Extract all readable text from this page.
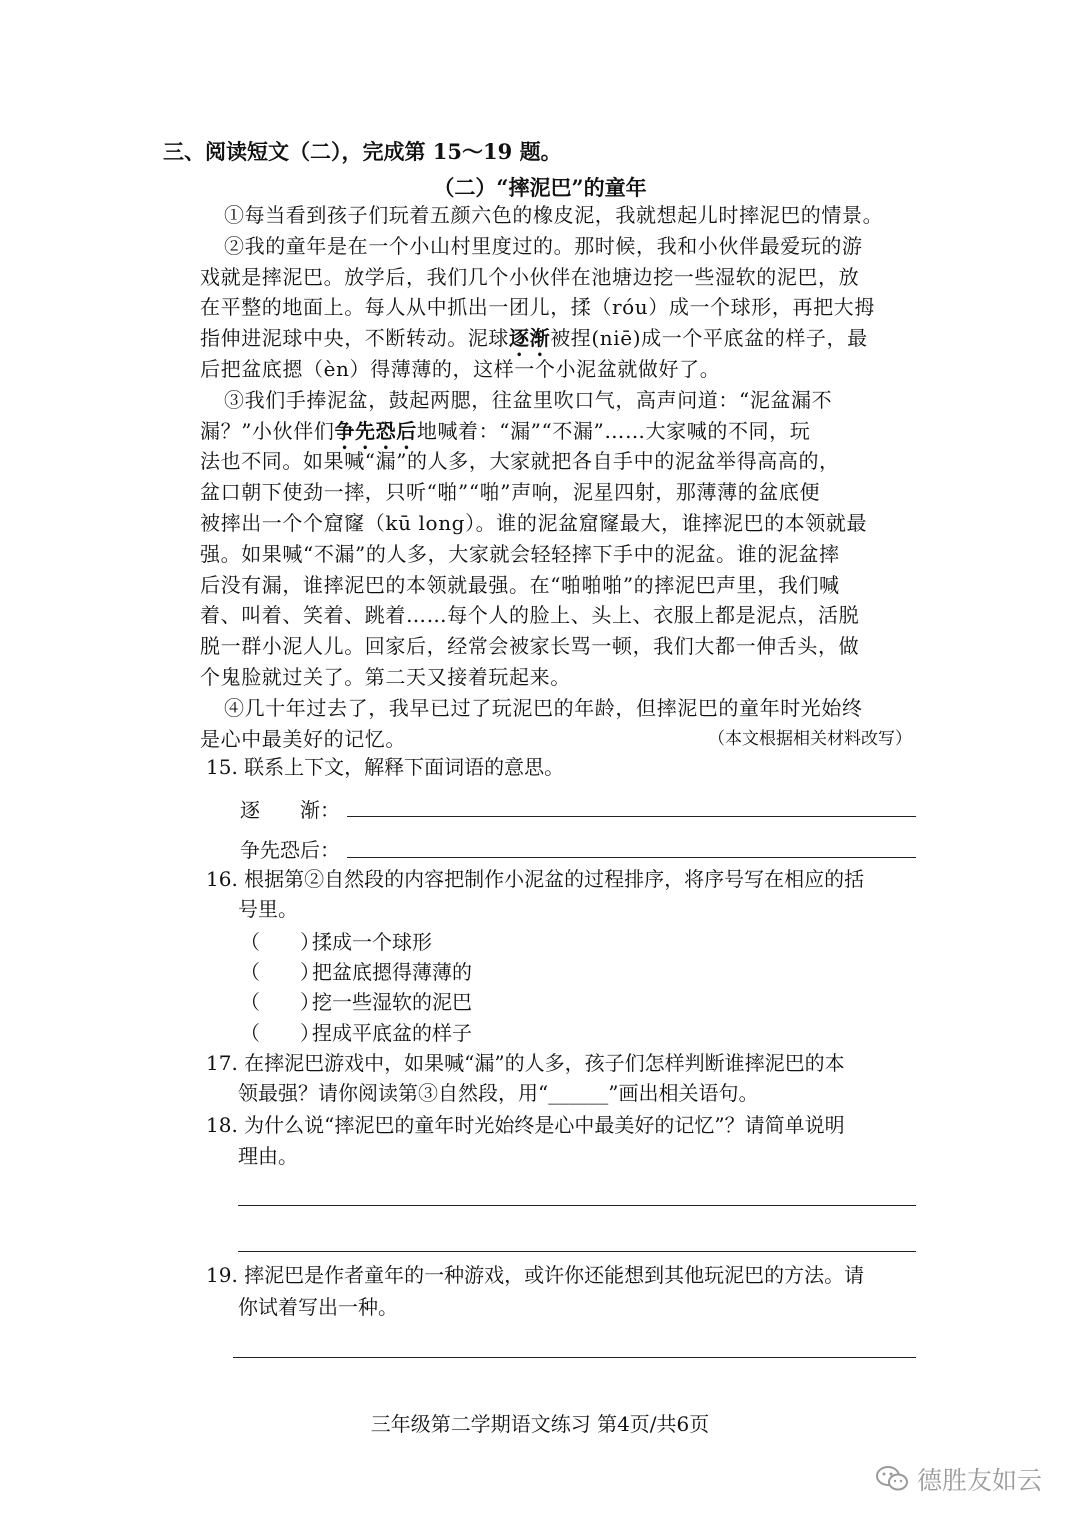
三、阅读短文（二），完成第 15～19 题。
（二）“摔泥巴”的童年
①每当看到孩子们玩着五颜六色的橡皮泥，我就想起儿时摔泥巴的情景。
②我的童年是在一个小山村里度过的。那时候，我和小伙伴最爱玩的游
戏就是摔泥巴。放学后，我们几个小伙伴在池塘边挖一些湿软的泥巴，放
在平整的地面上。每人从中抓出一团儿，揉（róu）成一个球形，再把大拇
指伸进泥球中央，不断转动。泥球逐渐被捏(niē)成一个平底盆的样子，最
后把盆底摁（èn）得薄薄的，这样一个小泥盆就做好了。
③我们手捧泥盆，鼓起两腮，往盆里吹口气，高声问道：“泥盆漏不
漏？”小伙伴们争先恐后地喊着：“漏”“不漏”……大家喊的不同，玩
法也不同。如果喊“漏”的人多，大家就把各自手中的泥盆举得高高的，
盆口朝下使劲一摔，只听“啪”“啪”声响，泥星四射，那薄薄的盆底便
被摔出一个个窟窿（kū long）。谁的泥盆窟窿最大，谁摔泥巴的本领就最
强。如果喊“不漏”的人多，大家就会轻轻摔下手中的泥盆。谁的泥盆摔
后没有漏，谁摔泥巴的本领就最强。在“啪啪啪”的摔泥巴声里，我们喊
着、叫着、笑着、跳着……每个人的脸上、头上、衣服上都是泥点，活脱
脱一群小泥人儿。回家后，经常会被家长骂一顿，我们大都一伸舌头，做
个鬼脸就过关了。第二天又接着玩起来。
④几十年过去了，我早已过了玩泥巴的年龄，但摔泥巴的童年时光始终
是心中最美好的记忆。	（本文根据相关材料改写）
15. 联系上下文，解释下面词语的意思。
逐　　渐：
争先恐后：
16. 根据第②自然段的内容把制作小泥盆的过程排序，将序号写在相应的括
号里。
（　　）揉成一个球形
（　　）把盆底摁得薄薄的
（　　）挖一些湿软的泥巴
（　　）捏成平底盆的样子
17. 在摔泥巴游戏中，如果喊“漏”的人多，孩子们怎样判断谁摔泥巴的本
领最强？请你阅读第③自然段，用“______”画出相关语句。
18. 为什么说“摔泥巴的童年时光始终是心中最美好的记忆”？请简单说明
理由。
19. 摔泥巴是作者童年的一种游戏，或许你还能想到其他玩泥巴的方法。请
你试着写出一种。
三年级第二学期语文练习 第4页/共6页
德胜友如云
